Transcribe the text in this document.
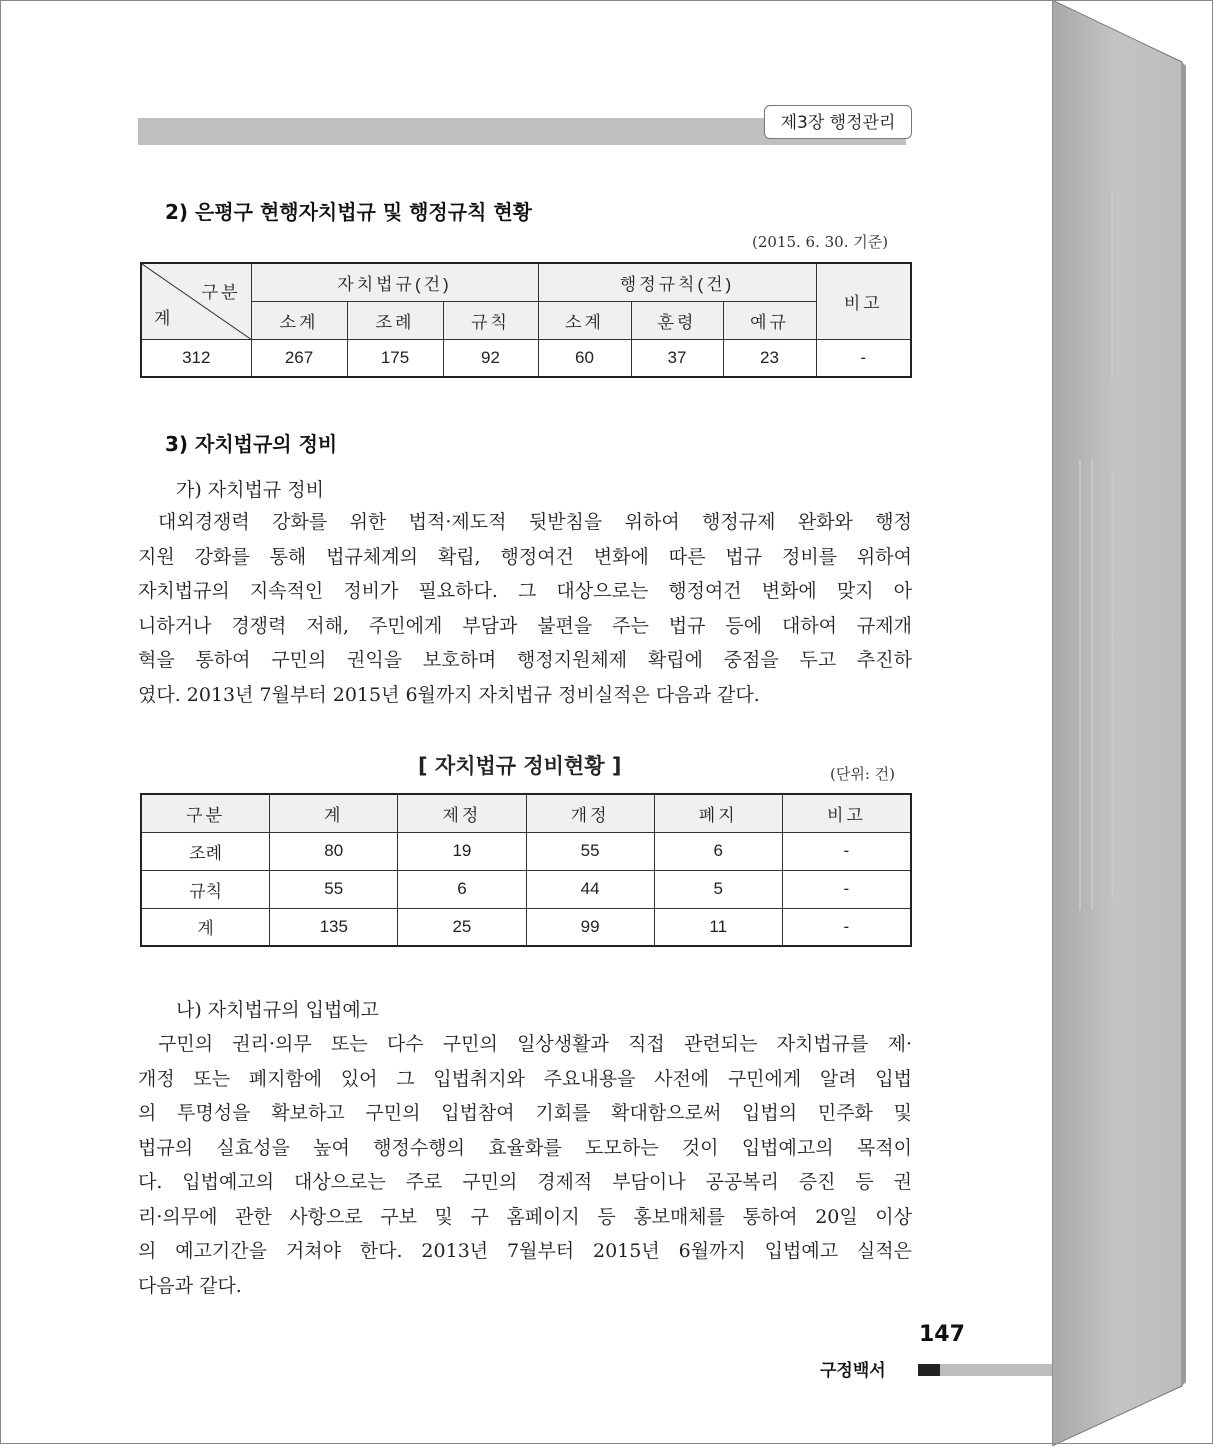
제3장 행정관리
2) 은평구 현행자치법규 및 행정규칙 현황
(2015. 6. 30. 기준)
구분
계	자치법규(건)			행정규칙(건)			비고
	소계	조례	규칙	소계	훈령	예규	
312	267	175	92	60	37	23	-
3) 자치법규의 정비
가) 자치법규 정비
대외경쟁력 강화를 위한 법적·제도적 뒷받침을 위하여 행정규제 완화와 행정
지원 강화를 통해 법규체계의 확립, 행정여건 변화에 따른 법규 정비를 위하여
자치법규의 지속적인 정비가 필요하다. 그 대상으로는 행정여건 변화에 맞지 아
니하거나 경쟁력 저해, 주민에게 부담과 불편을 주는 법규 등에 대하여 규제개
혁을 통하여 구민의 권익을 보호하며 행정지원체제 확립에 중점을 두고 추진하
였다. 2013년 7월부터 2015년 6월까지 자치법규 정비실적은 다음과 같다.
[ 자치법규 정비현황 ]	(단위: 건)
구분	계	제정	개정	폐지	비고
조례	80	19	55	6	-
규칙	55	6	44	5	-
계	135	25	99	11	-
나) 자치법규의 입법예고
구민의 권리·의무 또는 다수 구민의 일상생활과 직접 관련되는 자치법규를 제·
개정 또는 폐지함에 있어 그 입법취지와 주요내용을 사전에 구민에게 알려 입법
의 투명성을 확보하고 구민의 입법참여 기회를 확대함으로써 입법의 민주화 및
법규의 실효성을 높여 행정수행의 효율화를 도모하는 것이 입법예고의 목적이
다. 입법예고의 대상으로는 주로 구민의 경제적 부담이나 공공복리 증진 등 권
리·의무에 관한 사항으로 구보 및 구 홈페이지 등 홍보매체를 통하여 20일 이상
의 예고기간을 거쳐야 한다. 2013년 7월부터 2015년 6월까지 입법예고 실적은
다음과 같다.
147
구정백서
